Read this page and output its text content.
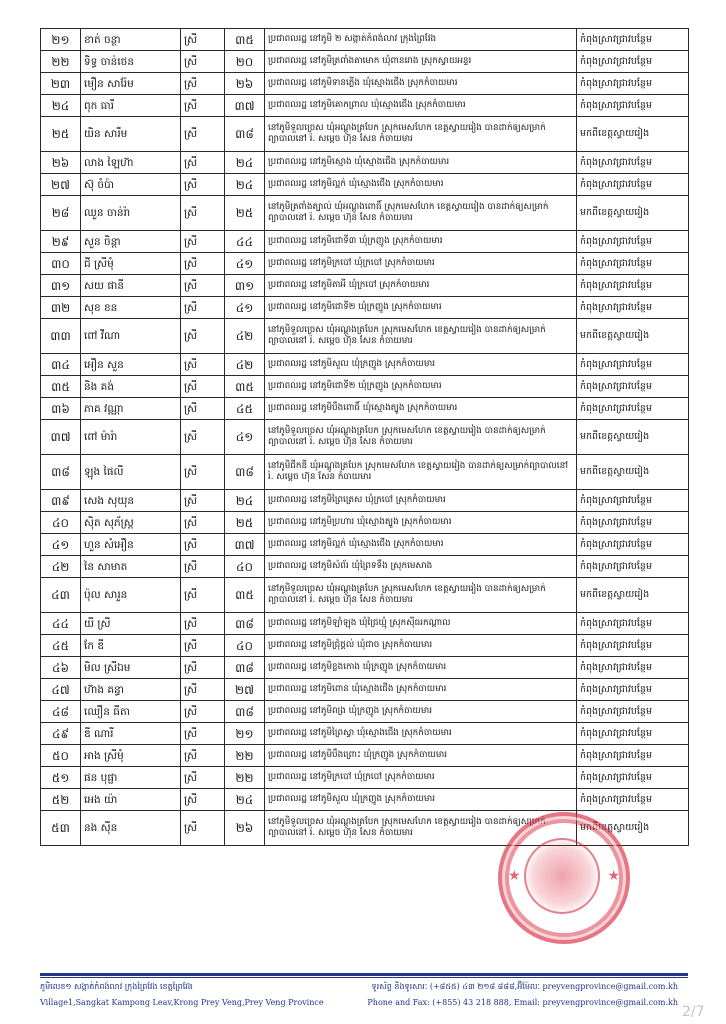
២១	ខាត់ ចន្ថា	ស្រី	៣៥	ប្រជាពលរដ្ឋ នៅភូមិ ២ សង្កាត់កំពង់លាវ ក្រុងព្រៃវែង	កំពុងស្រាវជ្រាវបន្ថែម
២២	ទិទ្ធ ចាន់ថេន	ស្រី	២០	ប្រជាពលរដ្ឋ នៅភូមិត្រពាំងតាមោក ឃុំពានរោង ស្រុកស្វាយអន្ទរ	កំពុងស្រាវជ្រាវបន្ថែម
២៣	មឿន សារ៉ែម	ស្រី	២៦	ប្រជាពលរដ្ឋ នៅភូមិទានភ្លើង ឃុំស្មោងជើង ស្រុកកំចាយមារ	កំពុងស្រាវជ្រាវបន្ថែម
២៤	ពុក ធារី	ស្រី	៣៧	ប្រជាពលរដ្ឋ នៅភូមិគោកព្រាល ឃុំស្មោងជើង ស្រុកកំចាយមារ	កំពុងស្រាវជ្រាវបន្ថែម
២៥	យិន សារឹម	ស្រី	៣៨	នៅភូមិទួលច្រេស ឃុំអណ្ដូងត្របែក ស្រុកមេសហែក ខេត្តស្វាយរៀង បានដាក់ឲ្យសម្រាក់ព្យាបាលនៅ រ៉. សម្ដេច ហ៊ុន សែន កំចាយមារ	មកពីខេត្តស្វាយរៀង
២៦	លាង ឡៃហ៊ា	ស្រី	២៤	ប្រជាពលរដ្ឋ នៅភូមិស្មោង ឃុំស្មោងជើង ស្រុកកំចាយមារ	កំពុងស្រាវជ្រាវបន្ថែម
២៧	ស៊ុ ចំប៉ា	ស្រី	២៤	ប្រជាពលរដ្ឋ នៅភូមិល្អក់ ឃុំស្មោងជើង ស្រុកកំចាយមារ	កំពុងស្រាវជ្រាវបន្ថែម
២៨	ឈួន ចាន់រ៉ា	ស្រី	២៥	នៅភូមិត្រពាំងត្បាល់ ឃុំអណ្ដូងពោធិ៍ ស្រុកមេសហែក ខេត្តស្វាយរៀង បានដាក់ឲ្យសម្រាក់ព្យាបាលនៅ រ៉. សម្ដេច ហ៊ុន សែន កំចាយមារ	មកពីខេត្តស្វាយរៀង
២៩	សួន ចិន្ដា	ស្រី	៤៤	ប្រជាពលរដ្ឋ នៅភូមិជោទី៣ ឃុំក្រញូង ស្រុកកំចាយមារ	កំពុងស្រាវជ្រាវបន្ថែម
៣០	ជី ស្រីមុំ	ស្រី	៤១	ប្រជាពលរដ្ឋ នៅភូមិក្របៅ ឃុំក្របៅ ស្រុកកំចាយមារ	កំពុងស្រាវជ្រាវបន្ថែម
៣១	សយ ផានី	ស្រី	៣១	ប្រជាពលរដ្ឋ នៅភូមិតាអី ឃុំក្របៅ ស្រុកកំចាយមារ	កំពុងស្រាវជ្រាវបន្ថែម
៣២	សុខ ខន	ស្រី	៤១	ប្រជាពលរដ្ឋ នៅភូមិជោទី២ ឃុំក្រញូង ស្រុកកំចាយមារ	កំពុងស្រាវជ្រាវបន្ថែម
៣៣	ពៅ វីណា	ស្រី	៤២	នៅភូមិទួលច្រេស ឃុំអណ្ដូងត្របែក ស្រុកមេសហែក ខេត្តស្វាយរៀង បានដាក់ឲ្យសម្រាក់ព្យាបាលនៅ រ៉. សម្ដេច ហ៊ុន សែន កំចាយមារ	មកពីខេត្តស្វាយរៀង
៣៤	អឿន សួន	ស្រី	៤២	ប្រជាពលរដ្ឋ នៅភូមិសួល ឃុំក្រញូង ស្រុកកំចាយមារ	កំពុងស្រាវជ្រាវបន្ថែម
៣៥	និង គង់	ស្រី	៣៥	ប្រជាពលរដ្ឋ នៅភូមិជោទី២ ឃុំក្រញូង ស្រុកកំចាយមារ	កំពុងស្រាវជ្រាវបន្ថែម
៣៦	ភាគ វណ្ណា	ស្រី	៤៥	ប្រជាពលរដ្ឋ នៅភូមិបឹងពោធិ៍ ឃុំស្មោងត្បូង ស្រុកកំចាយមារ	កំពុងស្រាវជ្រាវបន្ថែម
៣៧	ពៅ ម៉ារ៉ា	ស្រី	៤១	នៅភូមិទួលច្រេស ឃុំអណ្ដូងត្របែក ស្រុកមេសហែក ខេត្តស្វាយរៀង បានដាក់ឲ្យសម្រាក់ព្យាបាលនៅ រ៉. សម្ដេច ហ៊ុន សែន កំចាយមារ	មកពីខេត្តស្វាយរៀង
៣៨	ឡុង ផៃលី	ស្រី	៣៨	នៅភូមិជីកឌី ឃុំអណ្ដូងត្របែក ស្រុកមេសហែក ខេត្តស្វាយរៀង បានដាក់ឲ្យសម្រាក់ព្យាបាលនៅ រ៉. សម្ដេច ហ៊ុន សែន កំចាយមារ	មកពីខេត្តស្វាយរៀង
៣៩	សេង សុយុន	ស្រី	២៤	ប្រជាពលរដ្ឋ នៅភូមិព្រៃត្រេស ឃុំក្របៅ ស្រុកកំចាយមារ	កំពុងស្រាវជ្រាវបន្ថែម
៤០	ស៊ិត សុភ័ស្ត្រ	ស្រី	២៥	ប្រជាពលរដ្ឋ នៅភូមិប្រហារ ឃុំស្មោងត្បូង ស្រុកកំចាយមារ	កំពុងស្រាវជ្រាវបន្ថែម
៤១	ហួន សំអឿន	ស្រី	៣៧	ប្រជាពលរដ្ឋ នៅភូមិល្អក់ ឃុំស្មោងជើង ស្រុកកំចាយមារ	កំពុងស្រាវជ្រាវបន្ថែម
៤២	នៃ សាមាត	ស្រី	៤០	ប្រជាពលរដ្ឋ នៅភូមិសំព័រ ឃុំព្រៃទទឹង ស្រុកមេសាង	កំពុងស្រាវជ្រាវបន្ថែម
៤៣	ប៉ុល សារួន	ស្រី	៣៥	នៅភូមិទួលច្រេស ឃុំអណ្ដូងត្របែក ស្រុកមេសហែក ខេត្តស្វាយរៀង បានដាក់ឲ្យសម្រាក់ព្យាបាលនៅ រ៉. សម្ដេច ហ៊ុន សែន កំចាយមារ	មកពីខេត្តស្វាយរៀង
៤៤	យី ស្រី	ស្រី	៣៨	ប្រជាពលរដ្ឋ នៅភូមិឡាំឡុង ឃុំជ្រៃឃ្មុំ ស្រុកស៊ីធរកណ្ដាល	កំពុងស្រាវជ្រាវបន្ថែម
៤៥	កែ ឌី	ស្រី	៤០	ប្រជាពលរដ្ឋ នៅភូមិជ្រុំថ្គល់ ឃុំជាច ស្រុកកំចាយមារ	កំពុងស្រាវជ្រាវបន្ថែម
៤៦	មិល ស្រីឯម	ស្រី	៣៨	ប្រជាពលរដ្ឋ នៅភូមិខ្លងកោង ឃុំក្រញូង ស្រុកកំចាយមារ	កំពុងស្រាវជ្រាវបន្ថែម
៤៧	ហ៊ាង គន្ធា	ស្រី	២៧	ប្រជាពលរដ្ឋ នៅភូមិពោន ឃុំស្មោងជើង ស្រុកកំចាយមារ	កំពុងស្រាវជ្រាវបន្ថែម
៤៨	ឈឿន ធីតា	ស្រី	៣៨	ប្រជាពលរដ្ឋ នៅភូមិពង្រ ឃុំក្រញូង ស្រុកកំចាយមារ	កំពុងស្រាវជ្រាវបន្ថែម
៤៩	ឌី ណារី	ស្រី	២១	ប្រជាពលរដ្ឋ នៅភូមិព្រៃស្វា ឃុំស្មោងជើង ស្រុកកំចាយមារ	កំពុងស្រាវជ្រាវបន្ថែម
៥០	អាង ស្រីមុំ	ស្រី	២២	ប្រជាពលរដ្ឋ នៅភូមិបឹងព្រោះ ឃុំក្រញូង ស្រុកកំចាយមារ	កំពុងស្រាវជ្រាវបន្ថែម
៥១	ផន បុផ្ផា	ស្រី	២២	ប្រជាពលរដ្ឋ នៅភូមិក្របៅ ឃុំក្របៅ ស្រុកកំចាយមារ	កំពុងស្រាវជ្រាវបន្ថែម
៥២	អេង យ៉ា	ស្រី	២៤	ប្រជាពលរដ្ឋ នៅភូមិសួល ឃុំក្រញូង ស្រុកកំចាយមារ	កំពុងស្រាវជ្រាវបន្ថែម
៥៣	នង ស៊ីន	ស្រី	២៦	នៅភូមិទួលច្រេស ឃុំអណ្ដូងត្របែក ស្រុកមេសហែក ខេត្តស្វាយរៀង បានដាក់ឲ្យសម្រាក់ព្យាបាលនៅ រ៉. សម្ដេច ហ៊ុន សែន កំចាយមារ	មកពីខេត្តស្វាយរៀង
★	★
ភូមិលេខ១ សង្កាត់កំពង់លាវ ក្រុងព្រៃវែង ខេត្តព្រៃវែង
Village1,Sangkat Kampong Leav,Krong Prey Veng,Prey Veng Province
ទូរស័ព្ទ និងទូរសារៈ (+៨៥៥) ៤៣ ២១៨ ៨៨៨,អ៊ីម៉ែលៈ preyvengprovince@gmail.com.kh
Phone and Fax: (+855) 43 218 888, Email: preyvengprovince@gmail.com.kh
2/7
